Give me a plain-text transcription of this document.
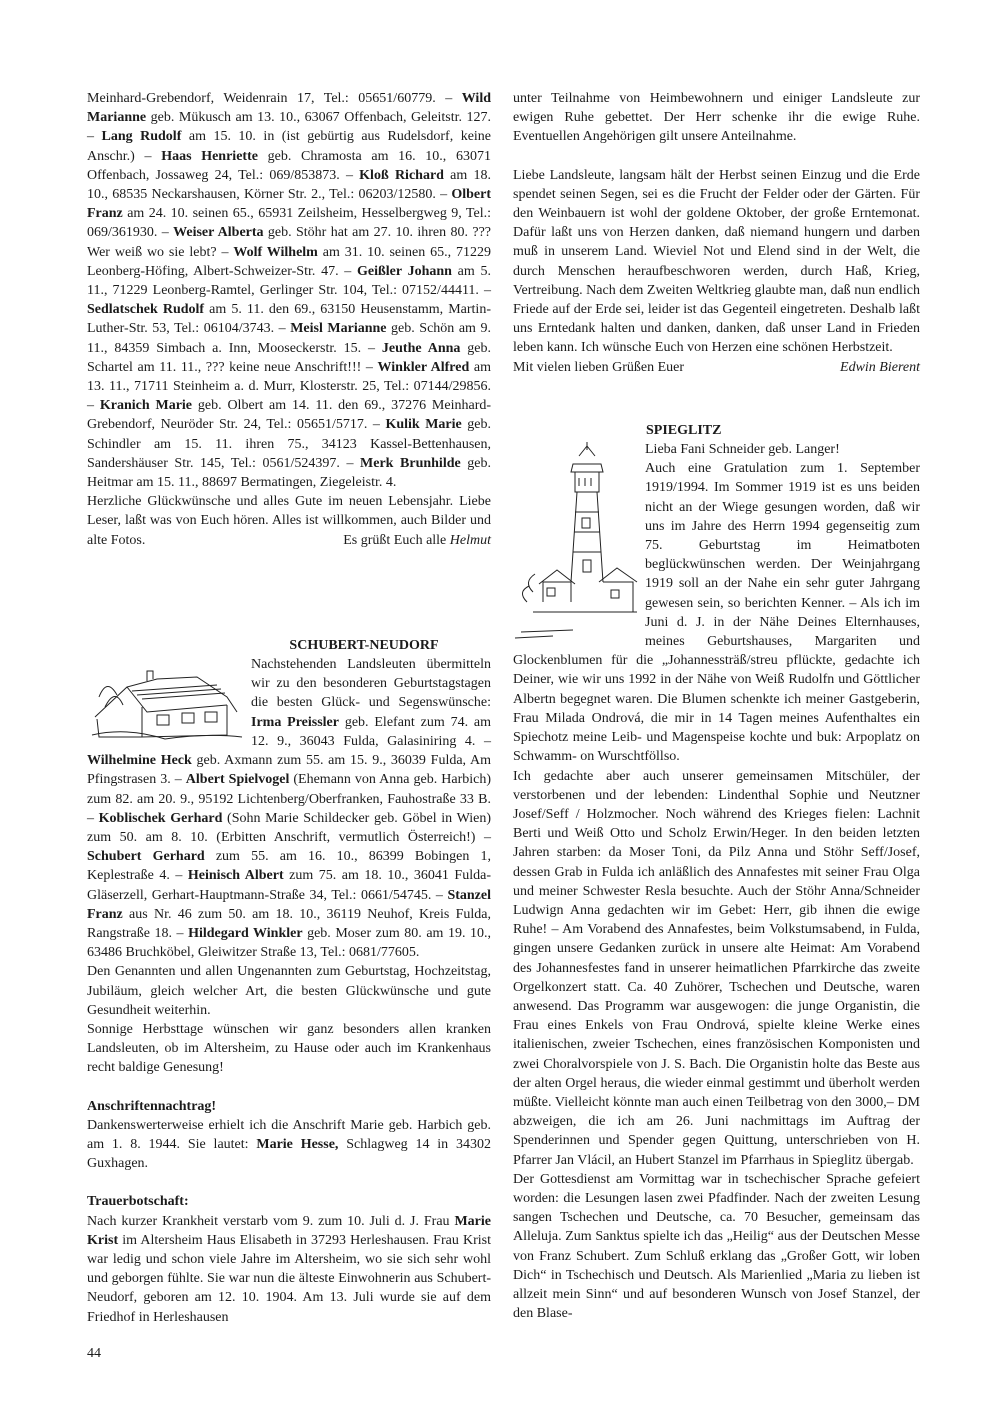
Meinhard-Grebendorf, Weidenrain 17, Tel.: 05651/60779. – Wild Marianne geb. Mükusch am 13. 10., 63067 Offenbach, Geleitstr. 127. – Lang Rudolf am 15. 10. in (ist gebürtig aus Rudelsdorf, keine Anschr.) – Haas Henriette geb. Chramosta am 16. 10., 63071 Offenbach, Jossaweg 24, Tel.: 069/853873. – Kloß Richard am 18. 10., 68535 Neckarshausen, Körner Str. 2., Tel.: 06203/12580. – Olbert Franz am 24. 10. seinen 65., 65931 Zeilsheim, Hesselbergweg 9, Tel.: 069/361930. – Weiser Alberta geb. Stöhr hat am 27. 10. ihren 80. ??? Wer weiß wo sie lebt? – Wolf Wilhelm am 31. 10. seinen 65., 71229 Leonberg-Höfing, Albert-Schweizer-Str. 47. – Geißler Johann am 5. 11., 71229 Leonberg-Ramtel, Gerlinger Str. 104, Tel.: 07152/44411. – Sedlatschek Rudolf am 5. 11. den 69., 63150 Heusenstamm, Martin-Luther-Str. 53, Tel.: 06104/3743. – Meisl Marianne geb. Schön am 9. 11., 84359 Simbach a. Inn, Mooseckerstr. 15. – Jeuthe Anna geb. Schartel am 11. 11., ??? keine neue Anschrift!!! – Winkler Alfred am 13. 11., 71711 Steinheim a. d. Murr, Klosterstr. 25, Tel.: 07144/29856. – Kranich Marie geb. Olbert am 14. 11. den 69., 37276 Meinhard-Grebendorf, Neuröder Str. 24, Tel.: 05651/5717. – Kulik Marie geb. Schindler am 15. 11. ihren 75., 34123 Kassel-Bettenhausen, Sandershäuser Str. 145, Tel.: 0561/524397. – Merk Brunhilde geb. Heitmar am 15. 11., 88697 Bermatingen, Ziegeleistr. 4.

Herzliche Glückwünsche und alles Gute im neuen Lebensjahr. Liebe Leser, laßt was von Euch hören. Alles ist willkommen, auch Bilder und alte Fotos.	Es grüßt Euch alle Helmut

SCHUBERT-NEUDORF

Nachstehenden Landsleuten übermitteln wir zu den besonderen Geburtstagstagen die besten Glück- und Segenswünsche: Irma Preissler geb. Elefant zum 74. am 12. 9., 36043 Fulda, Galasiniring 4. – Wilhelmine Heck geb. Axmann zum 55. am 15. 9., 36039 Fulda, Am Pfingstrasen 3. – Albert Spielvogel (Ehemann von Anna geb. Harbich) zum 82. am 20. 9., 95192 Lichtenberg/Oberfranken, Fauhostraße 33 B. – Koblischek Gerhard (Sohn Marie Schildecker geb. Göbel in Wien) zum 50. am 8. 10. (Erbitten Anschrift, vermutlich Österreich!) – Schubert Gerhard zum 55. am 16. 10., 86399 Bobingen 1, Keplestraße 4. – Heinisch Albert zum 75. am 18. 10., 36041 Fulda-Gläserzell, Gerhart-Hauptmann-Straße 34, Tel.: 0661/54745. – Stanzel Franz aus Nr. 46 zum 50. am 18. 10., 36119 Neuhof, Kreis Fulda, Rangstraße 18. – Hildegard Winkler geb. Moser zum 80. am 19. 10., 63486 Bruchköbel, Gleiwitzer Straße 13, Tel.: 0681/77605.

Den Genannten und allen Ungenannten zum Geburtstag, Hochzeitstag, Jubiläum, gleich welcher Art, die besten Glückwünsche und gute Gesundheit weiterhin.

Sonnige Herbsttage wünschen wir ganz besonders allen kranken Landsleuten, ob im Altersheim, zu Hause oder auch im Krankenhaus recht baldige Genesung!

Anschriftennachtrag!

Dankenswerterweise erhielt ich die Anschrift Marie geb. Harbich geb. am 1. 8. 1944. Sie lautet: Marie Hesse, Schlagweg 14 in 34302 Guxhagen.

Trauerbotschaft:

Nach kurzer Krankheit verstarb vom 9. zum 10. Juli d. J. Frau Marie Krist im Altersheim Haus Elisabeth in 37293 Herleshausen. Frau Krist war ledig und schon viele Jahre im Altersheim, wo sie sich sehr wohl und geborgen fühlte. Sie war nun die älteste Einwohnerin aus Schubert-Neudorf, geboren am 12. 10. 1904. Am 13. Juli wurde sie auf dem Friedhof in Herleshausen

unter Teilnahme von Heimbewohnern und einiger Landsleute zur ewigen Ruhe gebettet. Der Herr schenke ihr die ewige Ruhe. Eventuellen Angehörigen gilt unsere Anteilnahme.

Liebe Landsleute, langsam hält der Herbst seinen Einzug und die Erde spendet seinen Segen, sei es die Frucht der Felder oder der Gärten. Für den Weinbauern ist wohl der goldene Oktober, der große Erntemonat. Dafür laßt uns von Herzen danken, daß niemand hungern und darben muß in unserem Land. Wieviel Not und Elend sind in der Welt, die durch Menschen heraufbeschworen werden, durch Haß, Krieg, Vertreibung. Nach dem Zweiten Weltkrieg glaubte man, daß nun endlich Friede auf der Erde sei, leider ist das Gegenteil eingetreten. Deshalb laßt uns Erntedank halten und danken, danken, daß unser Land in Frieden leben kann. Ich wünsche Euch von Herzen eine schönen Herbstzeit.

Mit vielen lieben Grüßen Euer	Edwin Bierent

SPIEGLITZ

Lieba Fani Schneider geb. Langer!

Auch eine Gratulation zum 1. September 1919/1994. Im Sommer 1919 ist es uns beiden nicht an der Wiege gesungen worden, daß wir uns im Jahre des Herrn 1994 gegenseitig zum 75. Geburtstag im Heimatboten beglückwünschen werden. Der Weinjahrgang 1919 soll an der Nahe ein sehr guter Jahrgang gewesen sein, so berichten Kenner. – Als ich im Juni d. J. in der Nähe Deines Elternhauses, meines Geburtshauses, Margariten und Glockenblumen für die „Johannessträß/streu pflückte, gedachte ich Deiner, wie wir uns 1992 in der Nähe von Weiß Rudolfn und Göttlicher Albertn begegnet waren. Die Blumen schenkte ich meiner Gastgeberin, Frau Milada Ondrová, die mir in 14 Tagen meines Aufenthaltes ein Spiechotz meine Leib- und Magenspeise kochte und buk: Arpoplatz on Schwamm- on Wurschtföllso.

Ich gedachte aber auch unserer gemeinsamen Mitschüler, der verstorbenen und der lebenden: Lindenthal Sophie und Neutzner Josef/Seff / Holzmocher. Noch während des Krieges fielen: Lachnit Berti und Weiß Otto und Scholz Erwin/Heger. In den beiden letzten Jahren starben: da Moser Toni, da Pilz Anna und Stöhr Seff/Josef, dessen Grab in Fulda ich anläßlich des Annafestes mit seiner Frau Olga und meiner Schwester Resla besuchte. Auch der Stöhr Anna/Schneider Ludwign Anna gedachten wir im Gebet: Herr, gib ihnen die ewige Ruhe! – Am Vorabend des Annafestes, beim Volkstumsabend, in Fulda, gingen unsere Gedanken zurück in unsere alte Heimat: Am Vorabend des Johannesfestes fand in unserer heimatlichen Pfarrkirche das zweite Orgelkonzert statt. Ca. 40 Zuhörer, Tschechen und Deutsche, waren anwesend. Das Programm war ausgewogen: die junge Organistin, die Frau eines Enkels von Frau Ondrová, spielte kleine Werke eines italienischen, zweier Tschechen, eines französischen Komponisten und zwei Choralvorspiele von J. S. Bach. Die Organistin holte das Beste aus der alten Orgel heraus, die wieder einmal gestimmt und überholt werden müßte. Vielleicht könnte man auch einen Teilbetrag von den 3000,– DM abzweigen, die ich am 26. Juni nachmittags im Auftrag der Spenderinnen und Spender gegen Quittung, unterschrieben von H. Pfarrer Jan Vlácil, an Hubert Stanzel im Pfarrhaus in Spieglitz übergab.

Der Gottesdienst am Vormittag war in tschechischer Sprache gefeiert worden: die Lesungen lasen zwei Pfadfinder. Nach der zweiten Lesung sangen Tschechen und Deutsche, ca. 70 Besucher, gemeinsam das Alleluja. Zum Sanktus spielte ich das „Heilig“ aus der Deutschen Messe von Franz Schubert. Zum Schluß erklang das „Großer Gott, wir loben Dich“ in Tschechisch und Deutsch. Als Marienlied „Maria zu lieben ist allzeit mein Sinn“ und auf besonderen Wunsch von Josef Stanzel, der den Blase-

44
